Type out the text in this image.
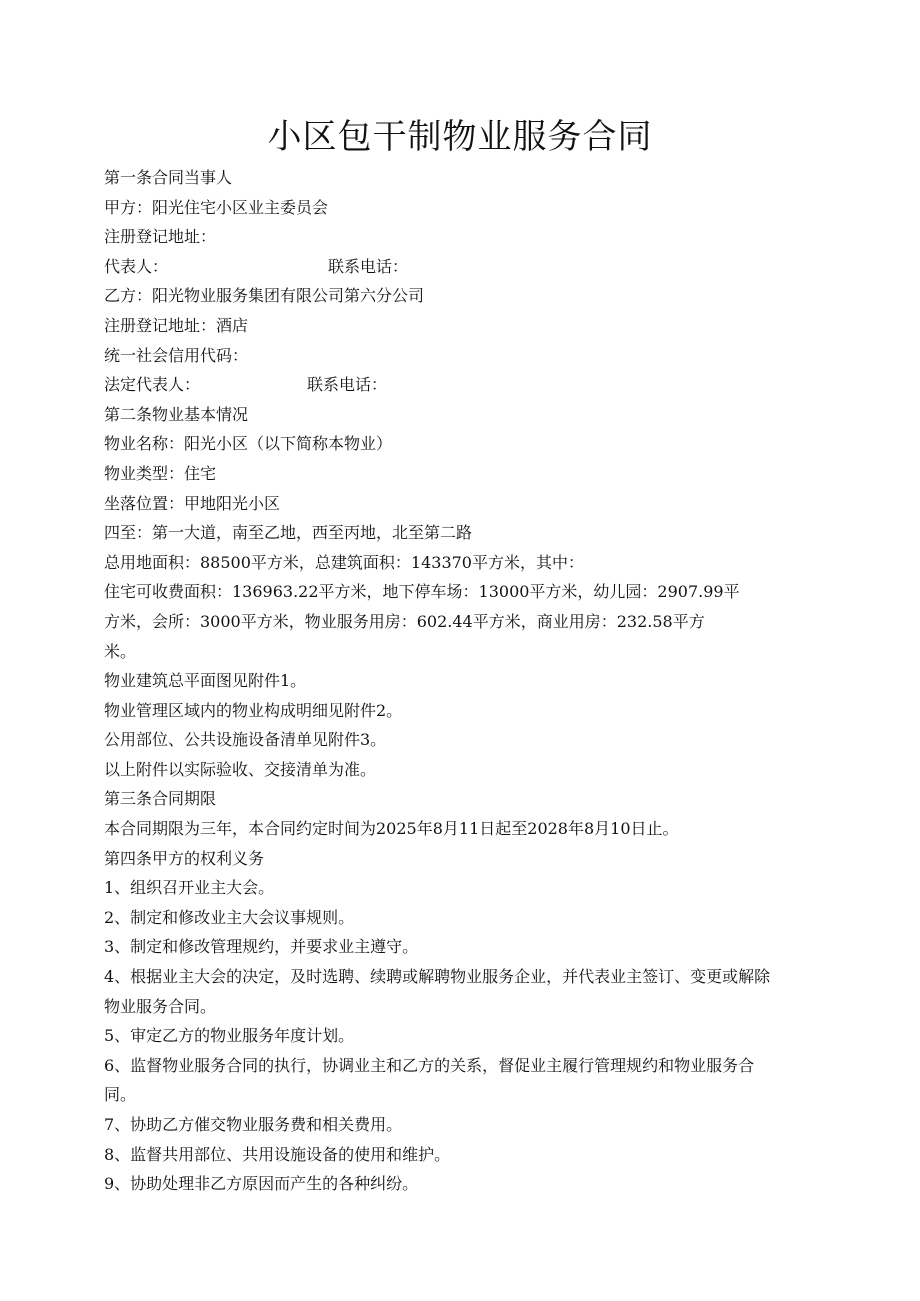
小区包干制物业服务合同
第一条合同当事人
甲方：阳光住宅小区业主委员会
注册登记地址：
代表人：	联系电话：
乙方：阳光物业服务集团有限公司第六分公司
注册登记地址：酒店
统一社会信用代码：
法定代表人：	联系电话：
第二条物业基本情况
物业名称：阳光小区（以下简称本物业）
物业类型：住宅
坐落位置：甲地阳光小区
四至：第一大道，南至乙地，西至丙地，北至第二路
总用地面积：88500平方米，总建筑面积：143370平方米，其中：
住宅可收费面积：136963.22平方米，地下停车场：13000平方米，幼儿园：2907.99平
方米，会所：3000平方米，物业服务用房：602.44平方米，商业用房：232.58平方
米。
物业建筑总平面图见附件1。
物业管理区域内的物业构成明细见附件2。
公用部位、公共设施设备清单见附件3。
以上附件以实际验收、交接清单为准。
第三条合同期限
本合同期限为三年，本合同约定时间为2025年8月11日起至2028年8月10日止。
第四条甲方的权利义务
1、组织召开业主大会。
2、制定和修改业主大会议事规则。
3、制定和修改管理规约，并要求业主遵守。
4、根据业主大会的决定，及时选聘、续聘或解聘物业服务企业，并代表业主签订、变更或解除
物业服务合同。
5、审定乙方的物业服务年度计划。
6、监督物业服务合同的执行，协调业主和乙方的关系，督促业主履行管理规约和物业服务合
同。
7、协助乙方催交物业服务费和相关费用。
8、监督共用部位、共用设施设备的使用和维护。
9、协助处理非乙方原因而产生的各种纠纷。
